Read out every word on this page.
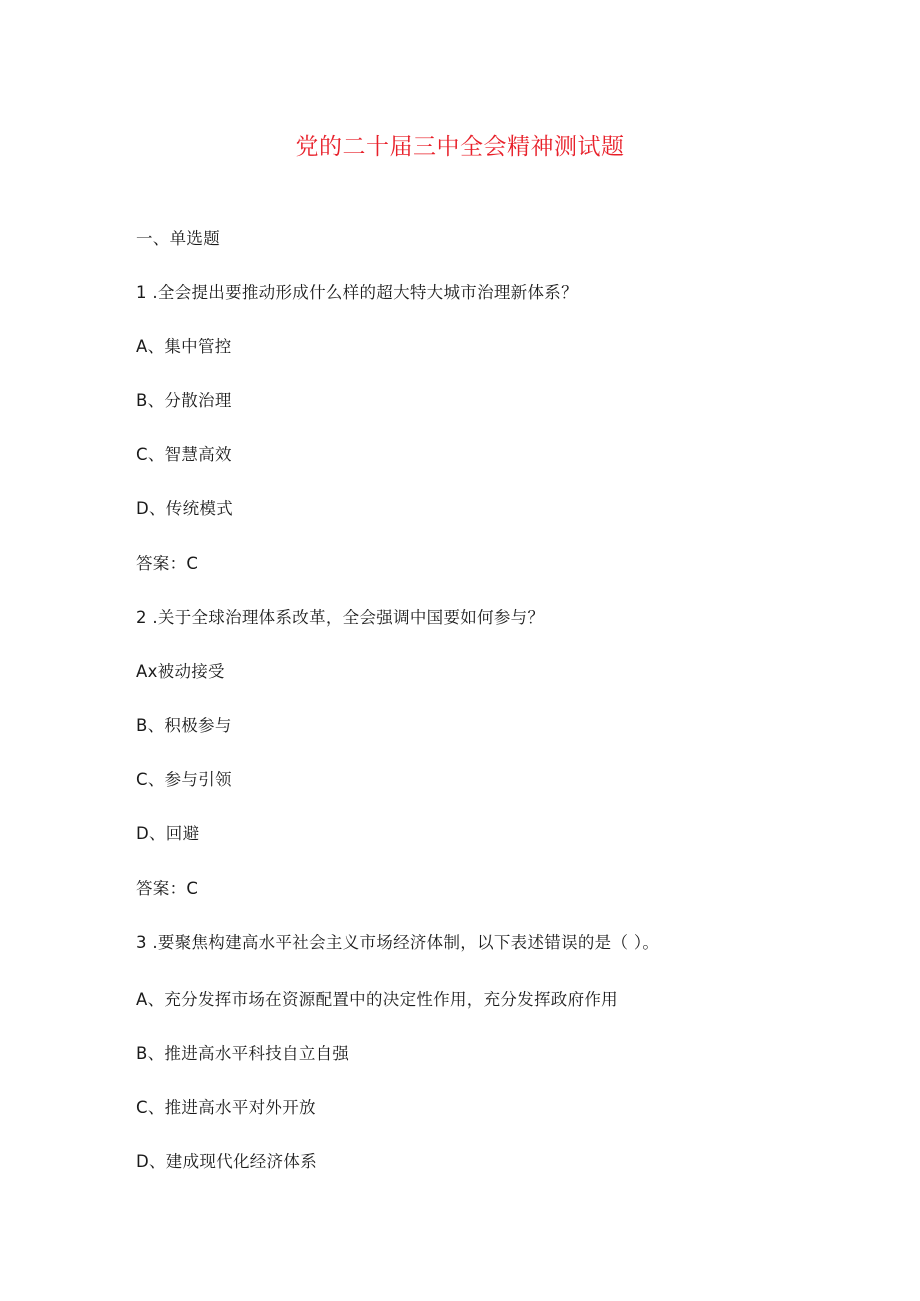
党的二十届三中全会精神测试题
一、单选题
1 .全会提出要推动形成什么样的超大特大城市治理新体系？
A、集中管控
B、分散治理
C、智慧高效
D、传统模式
答案：C
2 .关于全球治理体系改革，全会强调中国要如何参与？
Ax被动接受
B、积极参与
C、参与引领
D、回避
答案：C
3 .要聚焦构建高水平社会主义市场经济体制，以下表述错误的是（ ）。
A、充分发挥市场在资源配置中的决定性作用，充分发挥政府作用
B、推进高水平科技自立自强
C、推进高水平对外开放
D、建成现代化经济体系
